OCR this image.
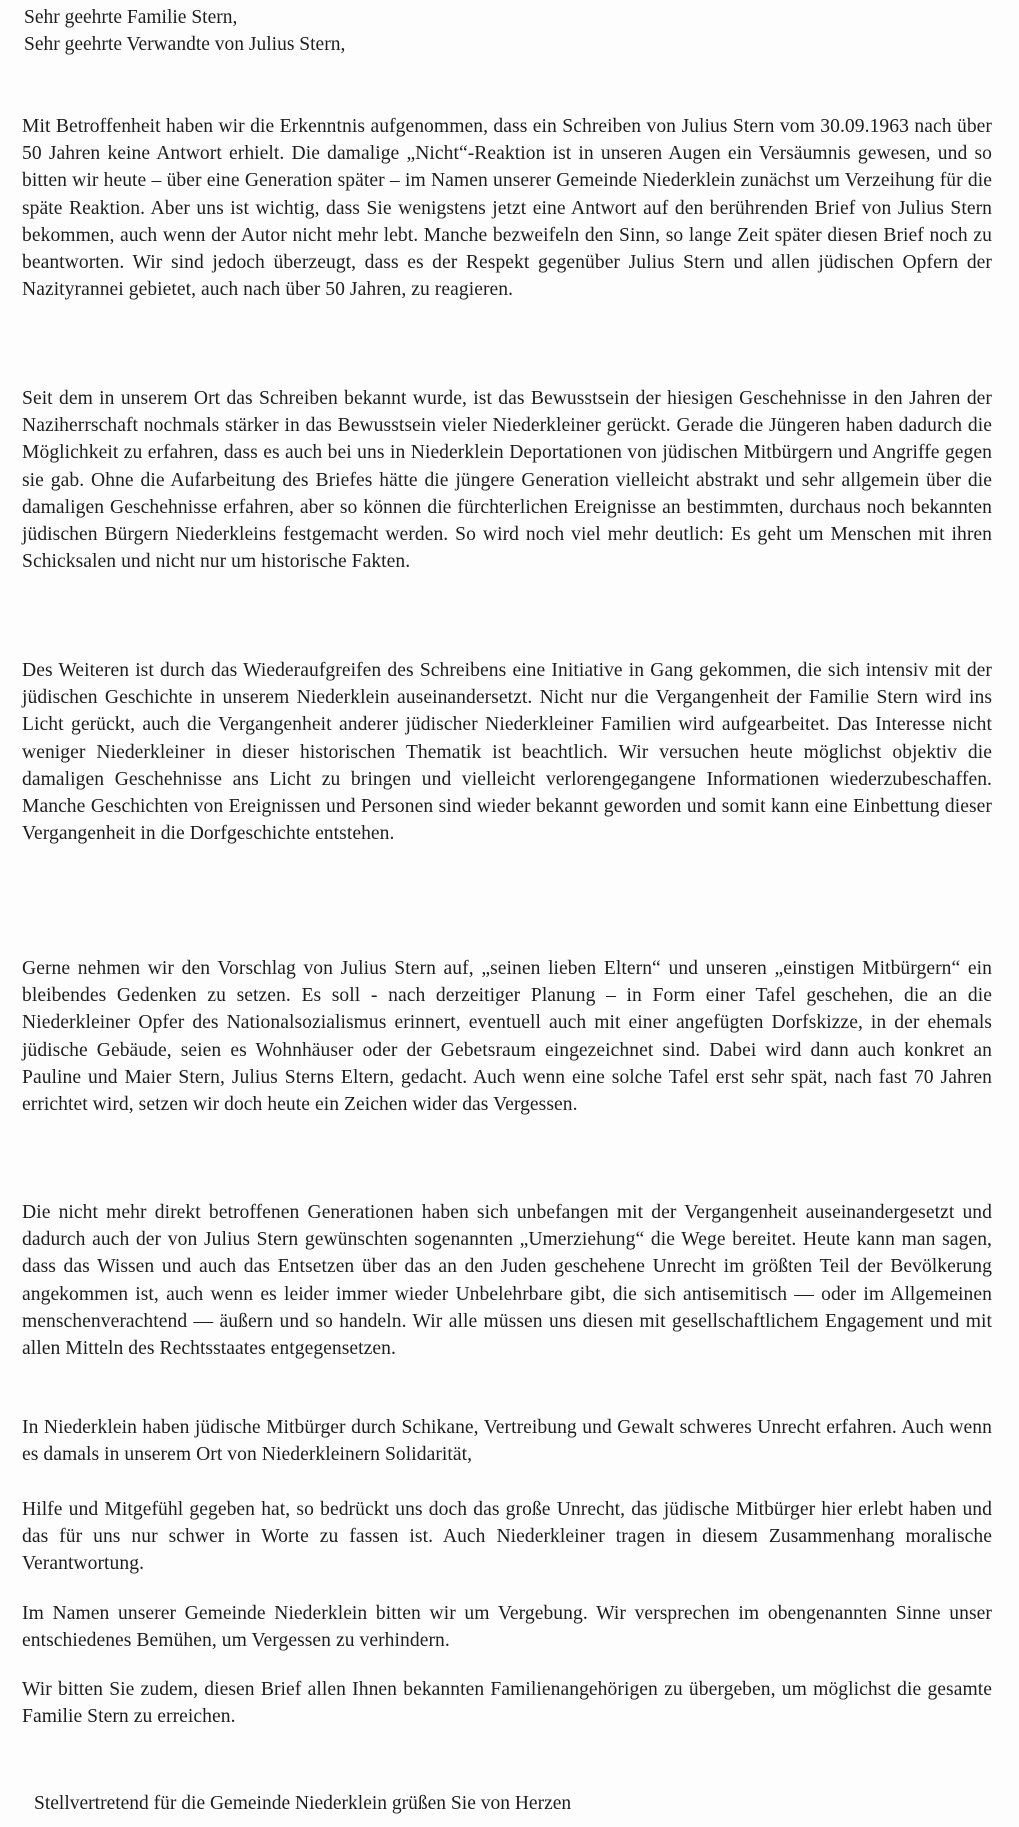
Sehr geehrte Familie Stern,
Sehr geehrte Verwandte von Julius Stern,
Mit Betroffenheit haben wir die Erkenntnis aufgenommen, dass ein Schreiben von Julius Stern vom 30.09.1963 nach über 50 Jahren keine Antwort erhielt. Die damalige „Nicht“-Reaktion ist in unseren Augen ein Versäumnis gewesen, und so bitten wir heute – über eine Generation später – im Namen unserer Gemeinde Niederklein zunächst um Verzeihung für die späte Reaktion. Aber uns ist wichtig, dass Sie wenigstens jetzt eine Antwort auf den berührenden Brief von Julius Stern bekommen, auch wenn der Autor nicht mehr lebt. Manche bezweifeln den Sinn, so lange Zeit später diesen Brief noch zu beantworten. Wir sind jedoch überzeugt, dass es der Respekt gegenüber Julius Stern und allen jüdischen Opfern der Nazityrannei gebietet, auch nach über 50 Jahren, zu reagieren.
Seit dem in unserem Ort das Schreiben bekannt wurde, ist das Bewusstsein der hiesigen Geschehnisse in den Jahren der Naziherrschaft nochmals stärker in das Bewusstsein vieler Niederkleiner gerückt. Gerade die Jüngeren haben dadurch die Möglichkeit zu erfahren, dass es auch bei uns in Niederklein Deportationen von jüdischen Mitbürgern und Angriffe gegen sie gab. Ohne die Aufarbeitung des Briefes hätte die jüngere Generation vielleicht abstrakt und sehr allgemein über die damaligen Geschehnisse erfahren, aber so können die fürchterlichen Ereignisse an bestimmten, durchaus noch bekannten jüdischen Bürgern Niederkleins festgemacht werden. So wird noch viel mehr deutlich: Es geht um Menschen mit ihren Schicksalen und nicht nur um historische Fakten.
Des Weiteren ist durch das Wiederaufgreifen des Schreibens eine Initiative in Gang gekommen, die sich intensiv mit der jüdischen Geschichte in unserem Niederklein auseinandersetzt. Nicht nur die Vergangenheit der Familie Stern wird ins Licht gerückt, auch die Vergangenheit anderer jüdischer Niederkleiner Familien wird aufgearbeitet. Das Interesse nicht weniger Niederkleiner in dieser historischen Thematik ist beachtlich. Wir versuchen heute möglichst objektiv die damaligen Geschehnisse ans Licht zu bringen und vielleicht verlorengegangene Informationen wiederzubeschaffen. Manche Geschichten von Ereignissen und Personen sind wieder bekannt geworden und somit kann eine Einbettung dieser Vergangenheit in die Dorfgeschichte entstehen.
Gerne nehmen wir den Vorschlag von Julius Stern auf, „seinen lieben Eltern“ und unseren „einstigen Mitbürgern“ ein bleibendes Gedenken zu setzen. Es soll - nach derzeitiger Planung – in Form einer Tafel geschehen, die an die Niederkleiner Opfer des Nationalsozialismus erinnert, eventuell auch mit einer angefügten Dorfskizze, in der ehemals jüdische Gebäude, seien es Wohnhäuser oder der Gebetsraum eingezeichnet sind. Dabei wird dann auch konkret an Pauline und Maier Stern, Julius Sterns Eltern, gedacht. Auch wenn eine solche Tafel erst sehr spät, nach fast 70 Jahren errichtet wird, setzen wir doch heute ein Zeichen wider das Vergessen.
Die nicht mehr direkt betroffenen Generationen haben sich unbefangen mit der Vergangenheit auseinandergesetzt und dadurch auch der von Julius Stern gewünschten sogenannten „Umerziehung“ die Wege bereitet. Heute kann man sagen, dass das Wissen und auch das Entsetzen über das an den Juden geschehene Unrecht im größten Teil der Bevölkerung angekommen ist, auch wenn es leider immer wieder Unbelehrbare gibt, die sich antisemitisch — oder im Allgemeinen menschenverachtend — äußern und so handeln. Wir alle müssen uns diesen mit gesellschaftlichem Engagement und mit allen Mitteln des Rechtsstaates entgegensetzen.
In Niederklein haben jüdische Mitbürger durch Schikane, Vertreibung und Gewalt schweres Unrecht erfahren. Auch wenn es damals in unserem Ort von Niederkleinern Solidarität,
Hilfe und Mitgefühl gegeben hat, so bedrückt uns doch das große Unrecht, das jüdische Mitbürger hier erlebt haben und das für uns nur schwer in Worte zu fassen ist. Auch Niederkleiner tragen in diesem Zusammenhang moralische Verantwortung.
Im Namen unserer Gemeinde Niederklein bitten wir um Vergebung. Wir versprechen im obengenannten Sinne unser entschiedenes Bemühen, um Vergessen zu verhindern.
Wir bitten Sie zudem, diesen Brief allen Ihnen bekannten Familienangehörigen zu übergeben, um möglichst die gesamte Familie Stern zu erreichen.
Stellvertretend für die Gemeinde Niederklein grüßen Sie von Herzen
